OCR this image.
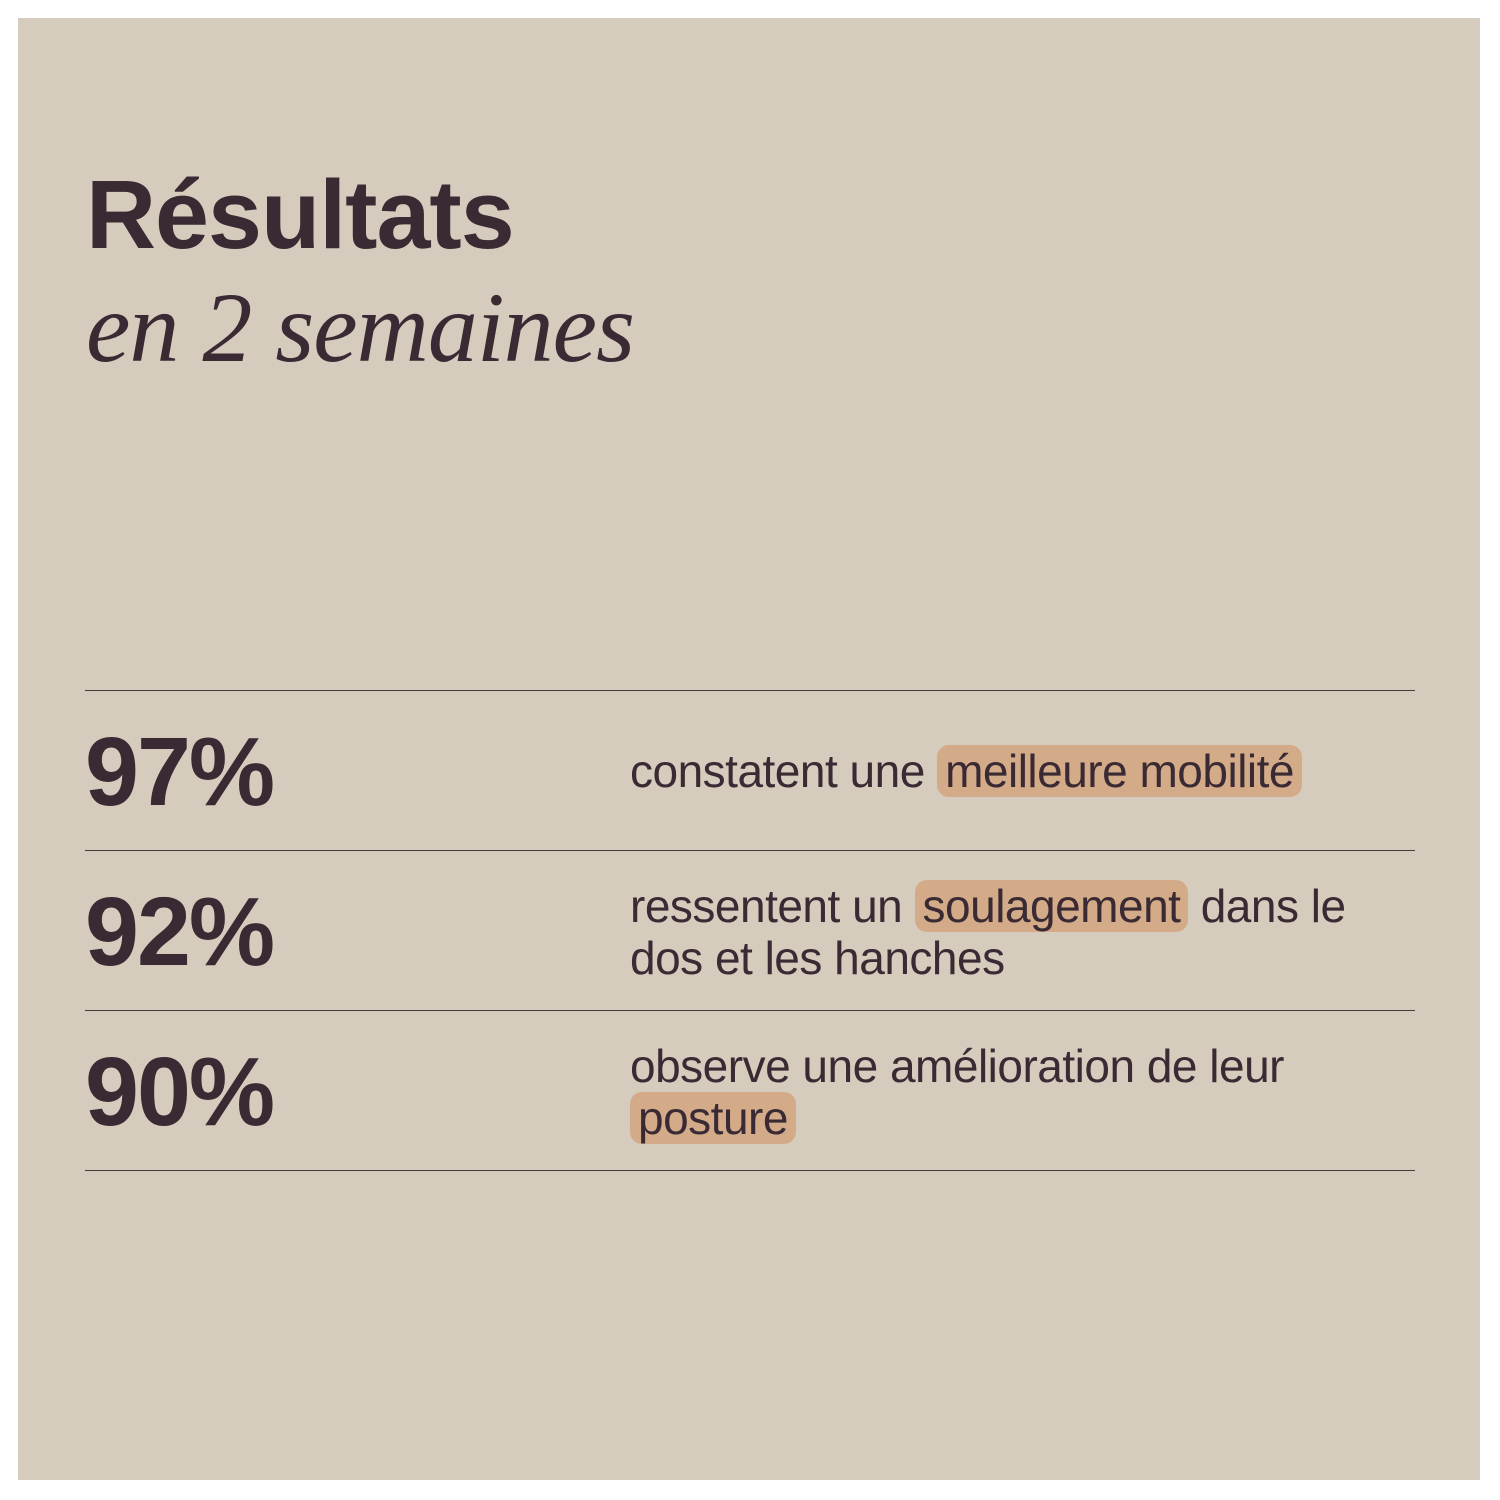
Résultats
en 2 semaines
97%	constatent une meilleure mobilité
92%	ressentent un soulagement dans le dos et les hanches
90%	observe une amélioration de leur posture
